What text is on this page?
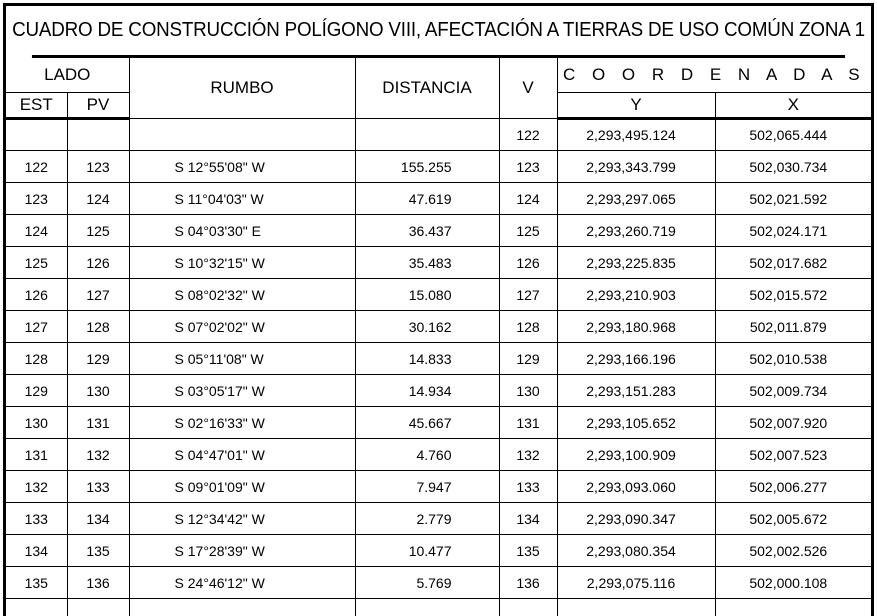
CUADRO DE CONSTRUCCIÓN POLÍGONO VIII, AFECTACIÓN A TIERRAS DE USO COMÚN ZONA 1
LADO		RUMBO	DISTANCIA	V	C O O R D E N A D A S	
EST	PV				Y	X
				122	2,293,495.124	502,065.444
122	123	S 12°55'08" W	155.255	123	2,293,343.799	502,030.734
123	124	S 11°04'03" W	47.619	124	2,293,297.065	502,021.592
124	125	S 04°03'30" E	36.437	125	2,293,260.719	502,024.171
125	126	S 10°32'15" W	35.483	126	2,293,225.835	502,017.682
126	127	S 08°02'32" W	15.080	127	2,293,210.903	502,015.572
127	128	S 07°02'02" W	30.162	128	2,293,180.968	502,011.879
128	129	S 05°11'08" W	14.833	129	2,293,166.196	502,010.538
129	130	S 03°05'17" W	14.934	130	2,293,151.283	502,009.734
130	131	S 02°16'33" W	45.667	131	2,293,105.652	502,007.920
131	132	S 04°47'01" W	4.760	132	2,293,100.909	502,007.523
132	133	S 09°01'09" W	7.947	133	2,293,093.060	502,006.277
133	134	S 12°34'42" W	2.779	134	2,293,090.347	502,005.672
134	135	S 17°28'39" W	10.477	135	2,293,080.354	502,002.526
135	136	S 24°46'12" W	5.769	136	2,293,075.116	502,000.108
